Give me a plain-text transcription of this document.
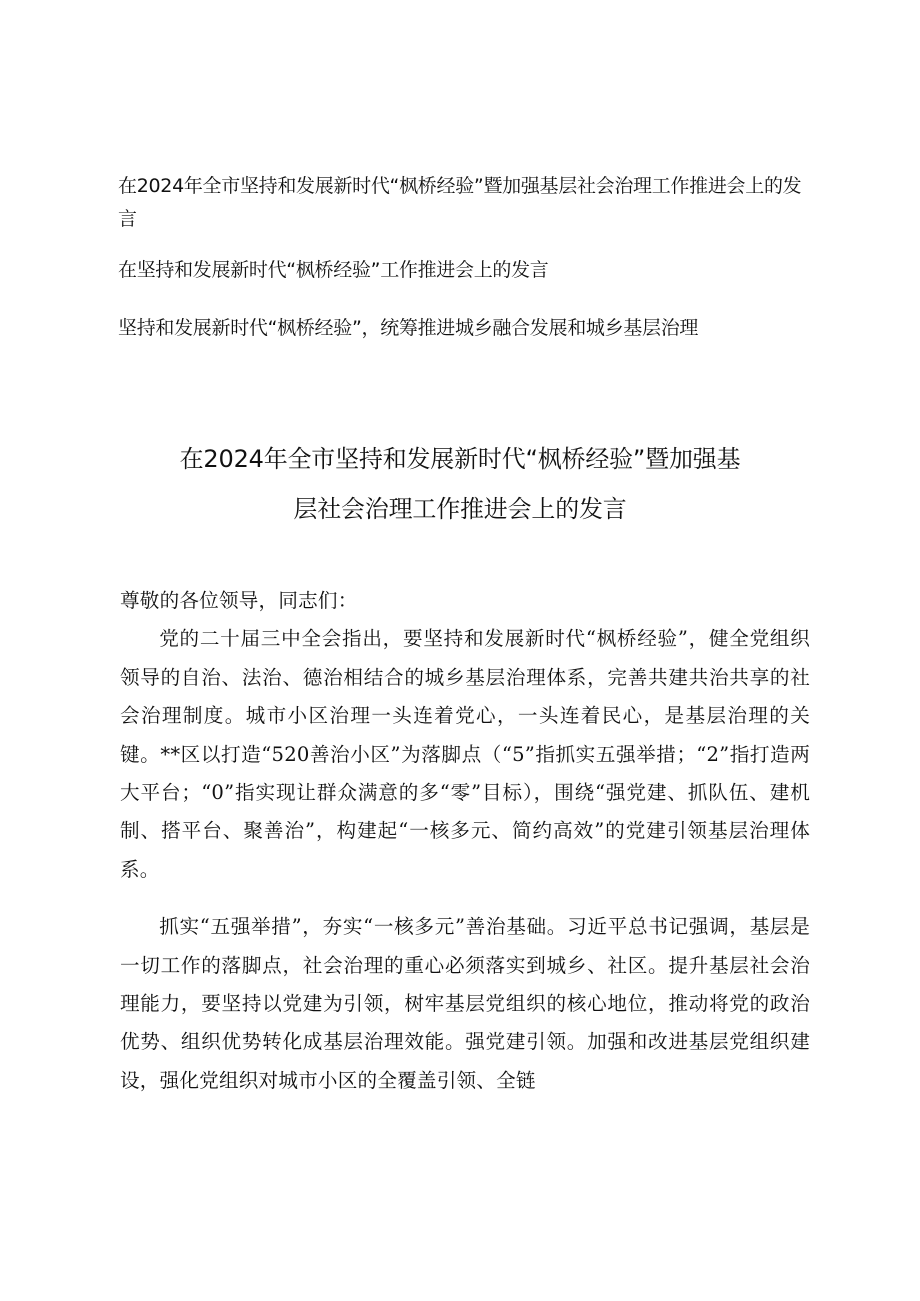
在2024年全市坚持和发展新时代“枫桥经验”暨加强基层社会治理工作推进会上的发言
在坚持和发展新时代“枫桥经验”工作推进会上的发言
坚持和发展新时代“枫桥经验”，统筹推进城乡融合发展和城乡基层治理
在2024年全市坚持和发展新时代“枫桥经验”暨加强基
层社会治理工作推进会上的发言

尊敬的各位领导，同志们：

党的二十届三中全会指出，要坚持和发展新时代“枫桥经验”，健全党组织领导的自治、法治、德治相结合的城乡基层治理体系，完善共建共治共享的社会治理制度。城市小区治理一头连着党心，一头连着民心，是基层治理的关键。**区以打造“520善治小区”为落脚点（“5”指抓实五强举措；“2”指打造两大平台；“0”指实现让群众满意的多“零”目标），围绕“强党建、抓队伍、建机制、搭平台、聚善治”，构建起“一核多元、简约高效”的党建引领基层治理体系。

抓实“五强举措”，夯实“一核多元”善治基础。习近平总书记强调，基层是一切工作的落脚点，社会治理的重心必须落实到城乡、社区。提升基层社会治理能力，要坚持以党建为引领，树牢基层党组织的核心地位，推动将党的政治优势、组织优势转化成基层治理效能。强党建引领。加强和改进基层党组织建设，强化党组织对城市小区的全覆盖引领、全链
